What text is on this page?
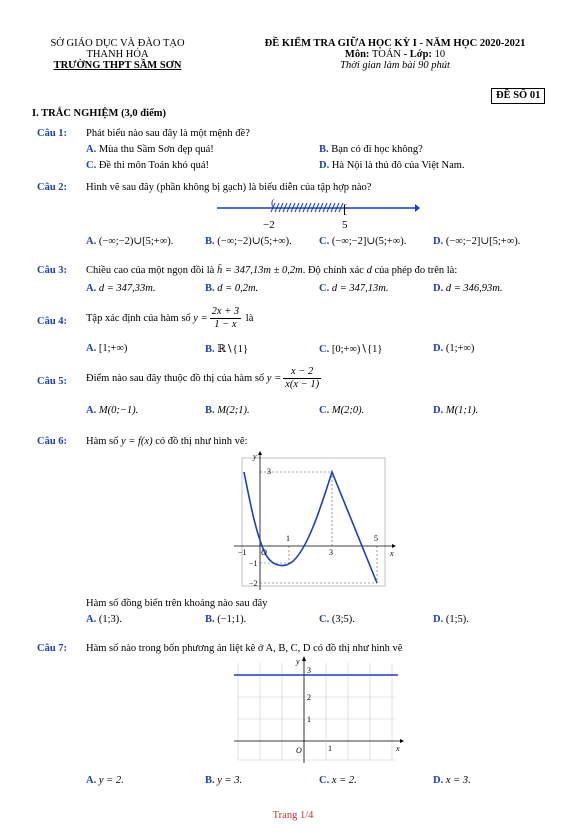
SỞ GIÁO DỤC VÀ ĐÀO TẠO
THANH HÓA
TRƯỜNG THPT SẦM SƠN
ĐỀ KIỂM TRA GIỮA HỌC KỲ I - NĂM HỌC 2020-2021
Môn: TOÁN - Lớp: 10
Thời gian làm bài 90 phút
ĐỀ SỐ 01
I. TRẮC NGHIỆM (3,0 điểm)
Câu 1: Phát biểu nào sau đây là một mệnh đề?
A. Mùa thu Sầm Sơn đẹp quá!	B. Bạn có đi học không?
C. Đề thi môn Toán khó quá!	D. Hà Nội là thủ đô của Việt Nam.
Câu 2: Hình vẽ sau đây (phần không bị gạch) là biểu diễn của tập hợp nào?
(	[
−2	5
A. (−∞;−2)∪[5;+∞).	B. (−∞;−2)∪(5;+∞).	C. (−∞;−2]∪(5;+∞).	D. (−∞;−2]∪[5;+∞).
Câu 3: Chiều cao của một ngọn đồi là h̄ = 347,13m ± 0,2m. Độ chính xác d của phép đo trên là:
A. d = 347,33m.	B. d = 0,2m.	C. d = 347,13m.	D. d = 346,93m.
Câu 4: Tập xác định của hàm số $y = \frac{2x + 3}{1 - x}$ là
A. [1;+∞)	B. ℝ∖{1}	C. [0;+∞)∖{1}	D. (1;+∞)
Câu 5: Điểm nào sau đây thuộc đồ thị của hàm số $y = \frac{x - 2}{x(x - 1)}$
A. M(0;−1).	B. M(2;1).	C. M(2;0).	D. M(1;1).
Câu 6: Hàm số y = f(x) có đồ thị như hình vẽ:
y
x
O
3
−1
−2
−1
1
3
5
Hàm số đồng biến trên khoảng nào sau đây
A. (1;3).	B. (−1;1).	C. (3;5).	D. (1;5).
Câu 7: Hàm số nào trong bốn phương án liệt kê ở A, B, C, D có đồ thị như hình vẽ
y
x
O
3
2
1
1
A. y = 2.	B. y = 3.	C. x = 2.	D. x = 3.
Trang 1/4
